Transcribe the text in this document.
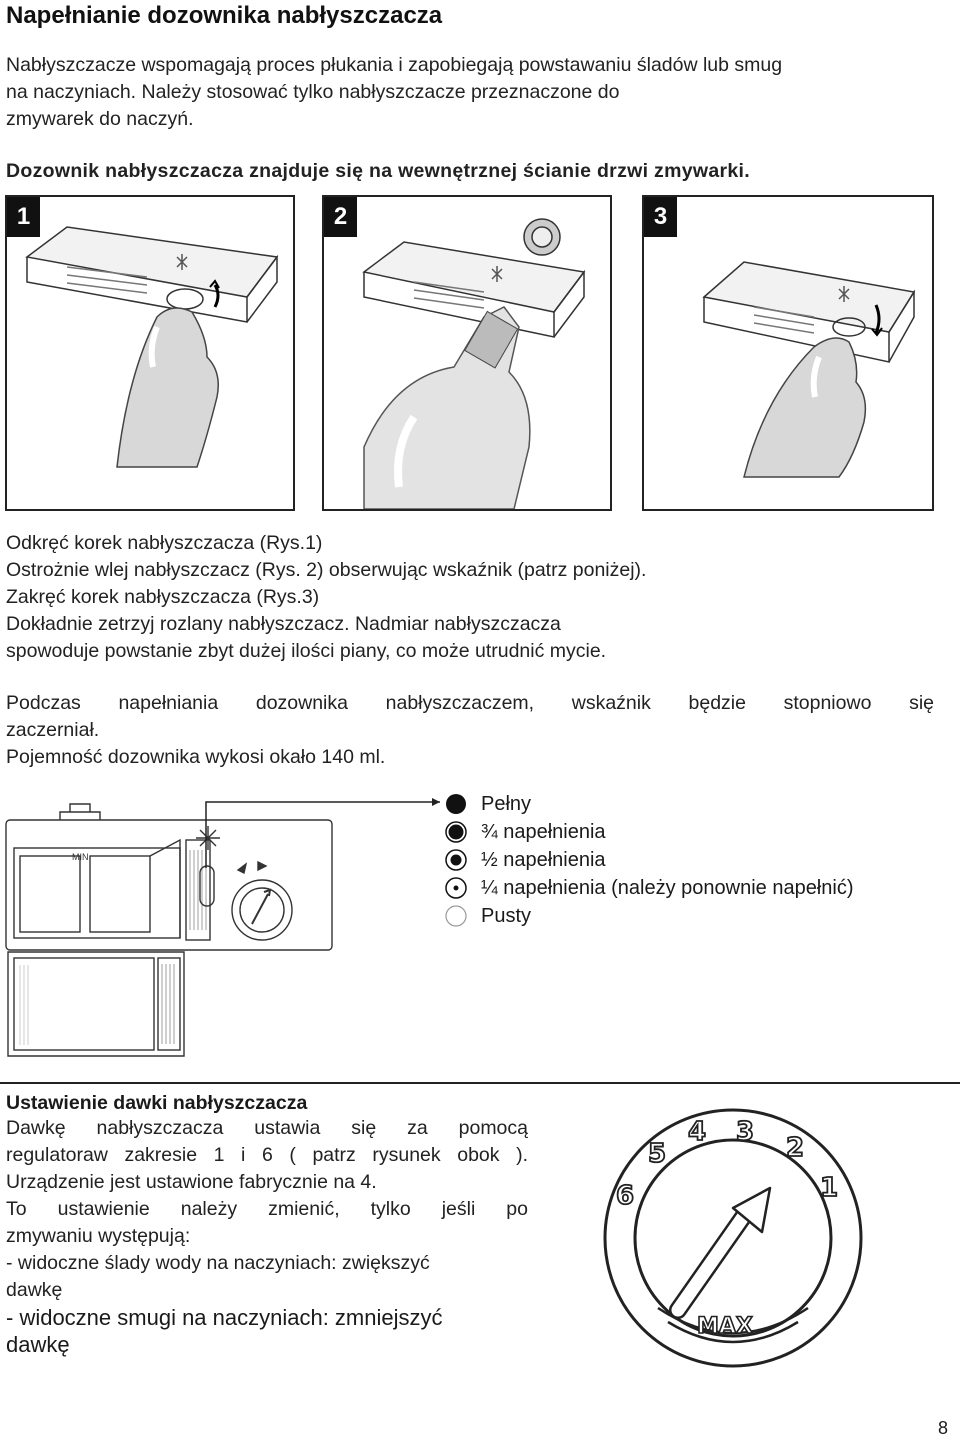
Napełnianie dozownika nabłyszczacza
Nabłyszczacze wspomagają proces płukania i zapobiegają powstawaniu śladów lub smug
na naczyniach. Należy stosować tylko nabłyszczacze przeznaczone do
zmywarek do naczyń.
Dozownik nabłyszczacza znajduje się na wewnętrznej ścianie drzwi zmywarki.
1	2	3
Odkręć korek nabłyszczacza (Rys.1)
Ostrożnie wlej nabłyszczacz (Rys. 2) obserwując wskaźnik (patrz poniżej).
Zakręć korek nabłyszczacza (Rys.3)
Dokładnie zetrzyj rozlany nabłyszczacz. Nadmiar nabłyszczacza
spowoduje powstanie zbyt dużej ilości piany, co może utrudnić mycie.
Podczas napełniania dozownika nabłyszczaczem, wskaźnik będzie stopniowo się
zaczerniał.
Pojemność dozownika wykosi okało 140 ml.
MIN
Pełny
¾ napełnienia
½ napełnienia
¼ napełnienia (należy ponownie napełnić)
Pusty
Ustawienie dawki nabłyszczacza
Dawkę nabłyszczacza ustawia się za pomocą
regulatoraw zakresie 1 i 6 ( patrz rysunek obok ).
Urządzenie jest ustawione fabrycznie na 4.
To ustawienie należy zmienić, tylko jeśli po
zmywaniu występują:
- widoczne ślady wody na naczyniach: zwiększyć
dawkę
- widoczne smugi na naczyniach: zmniejszyć
dawkę
6
5
4 3
2
1
MAX
8
